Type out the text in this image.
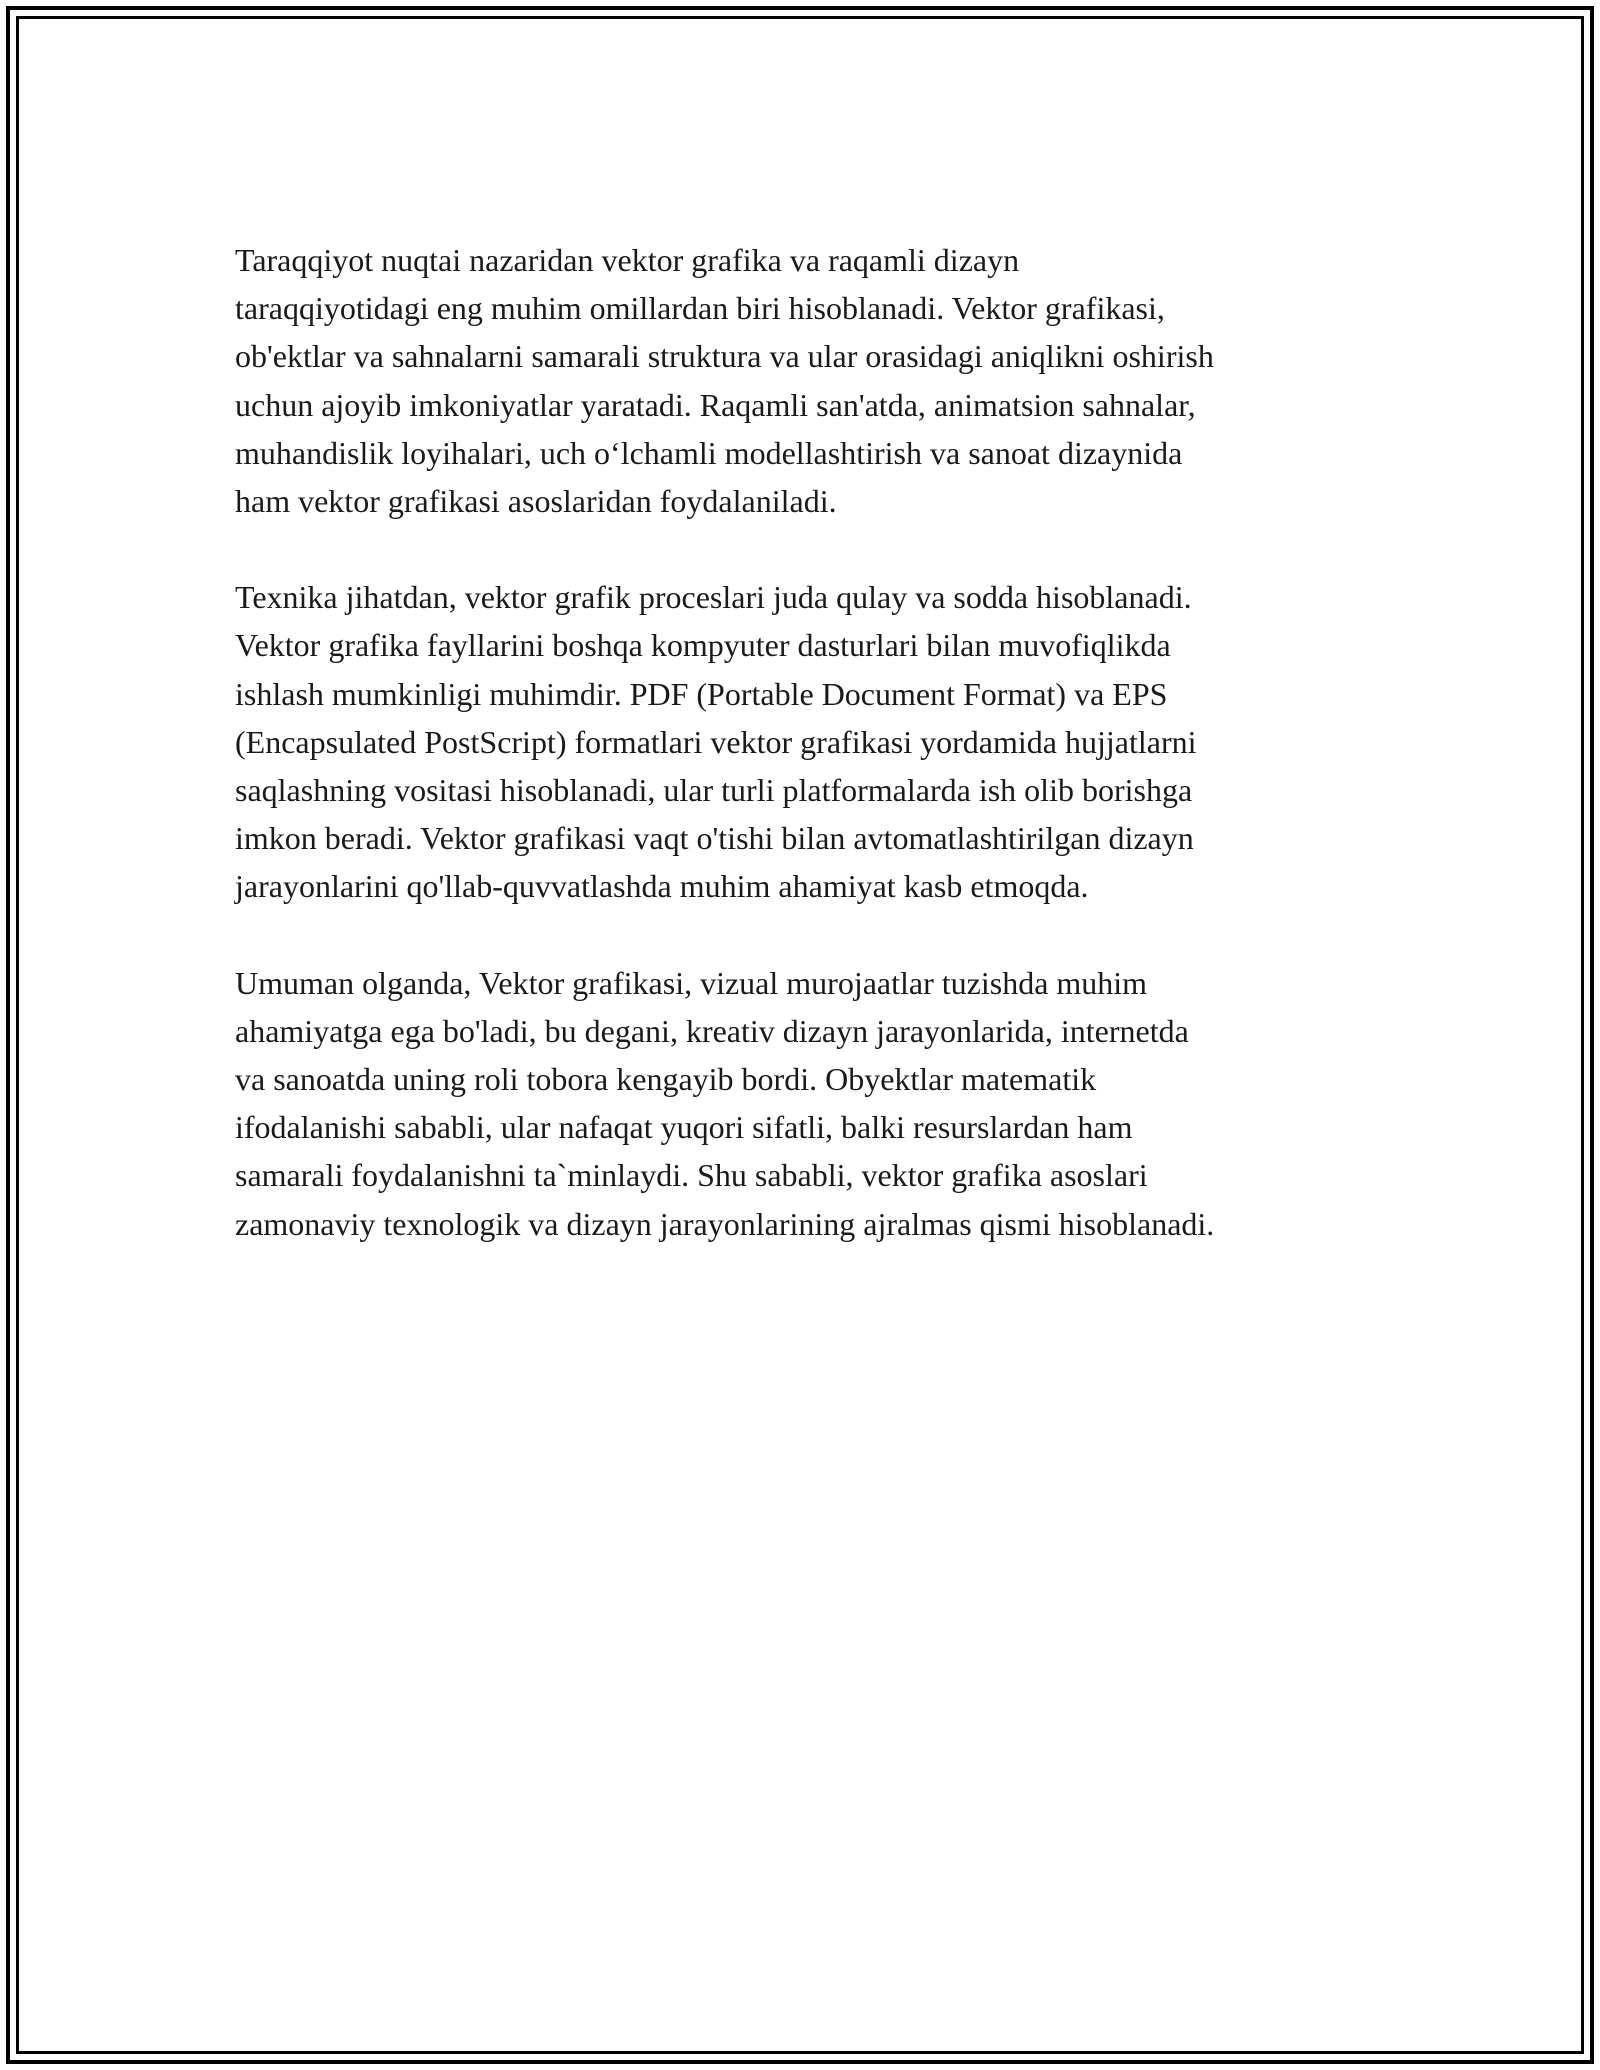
Taraqqiyot nuqtai nazaridan vektor grafika va raqamli dizayn
taraqqiyotidagi eng muhim omillardan biri hisoblanadi. Vektor grafikasi,
ob'ektlar va sahnalarni samarali struktura va ular orasidagi aniqlikni oshirish
uchun ajoyib imkoniyatlar yaratadi. Raqamli san'atda, animatsion sahnalar,
muhandislik loyihalari, uch o‘lchamli modellashtirish va sanoat dizaynida
ham vektor grafikasi asoslaridan foydalaniladi.

Texnika jihatdan, vektor grafik proceslari juda qulay va sodda hisoblanadi.
Vektor grafika fayllarini boshqa kompyuter dasturlari bilan muvofiqlikda
ishlash mumkinligi muhimdir. PDF (Portable Document Format) va EPS
(Encapsulated PostScript) formatlari vektor grafikasi yordamida hujjatlarni
saqlashning vositasi hisoblanadi, ular turli platformalarda ish olib borishga
imkon beradi. Vektor grafikasi vaqt o'tishi bilan avtomatlashtirilgan dizayn
jarayonlarini qo'llab-quvvatlashda muhim ahamiyat kasb etmoqda.

Umuman olganda, Vektor grafikasi, vizual murojaatlar tuzishda muhim
ahamiyatga ega bo'ladi, bu degani, kreativ dizayn jarayonlarida, internetda
va sanoatda uning roli tobora kengayib bordi. Obyektlar matematik
ifodalanishi sababli, ular nafaqat yuqori sifatli, balki resurslardan ham
samarali foydalanishni ta`minlaydi. Shu sababli, vektor grafika asoslari
zamonaviy texnologik va dizayn jarayonlarining ajralmas qismi hisoblanadi.
